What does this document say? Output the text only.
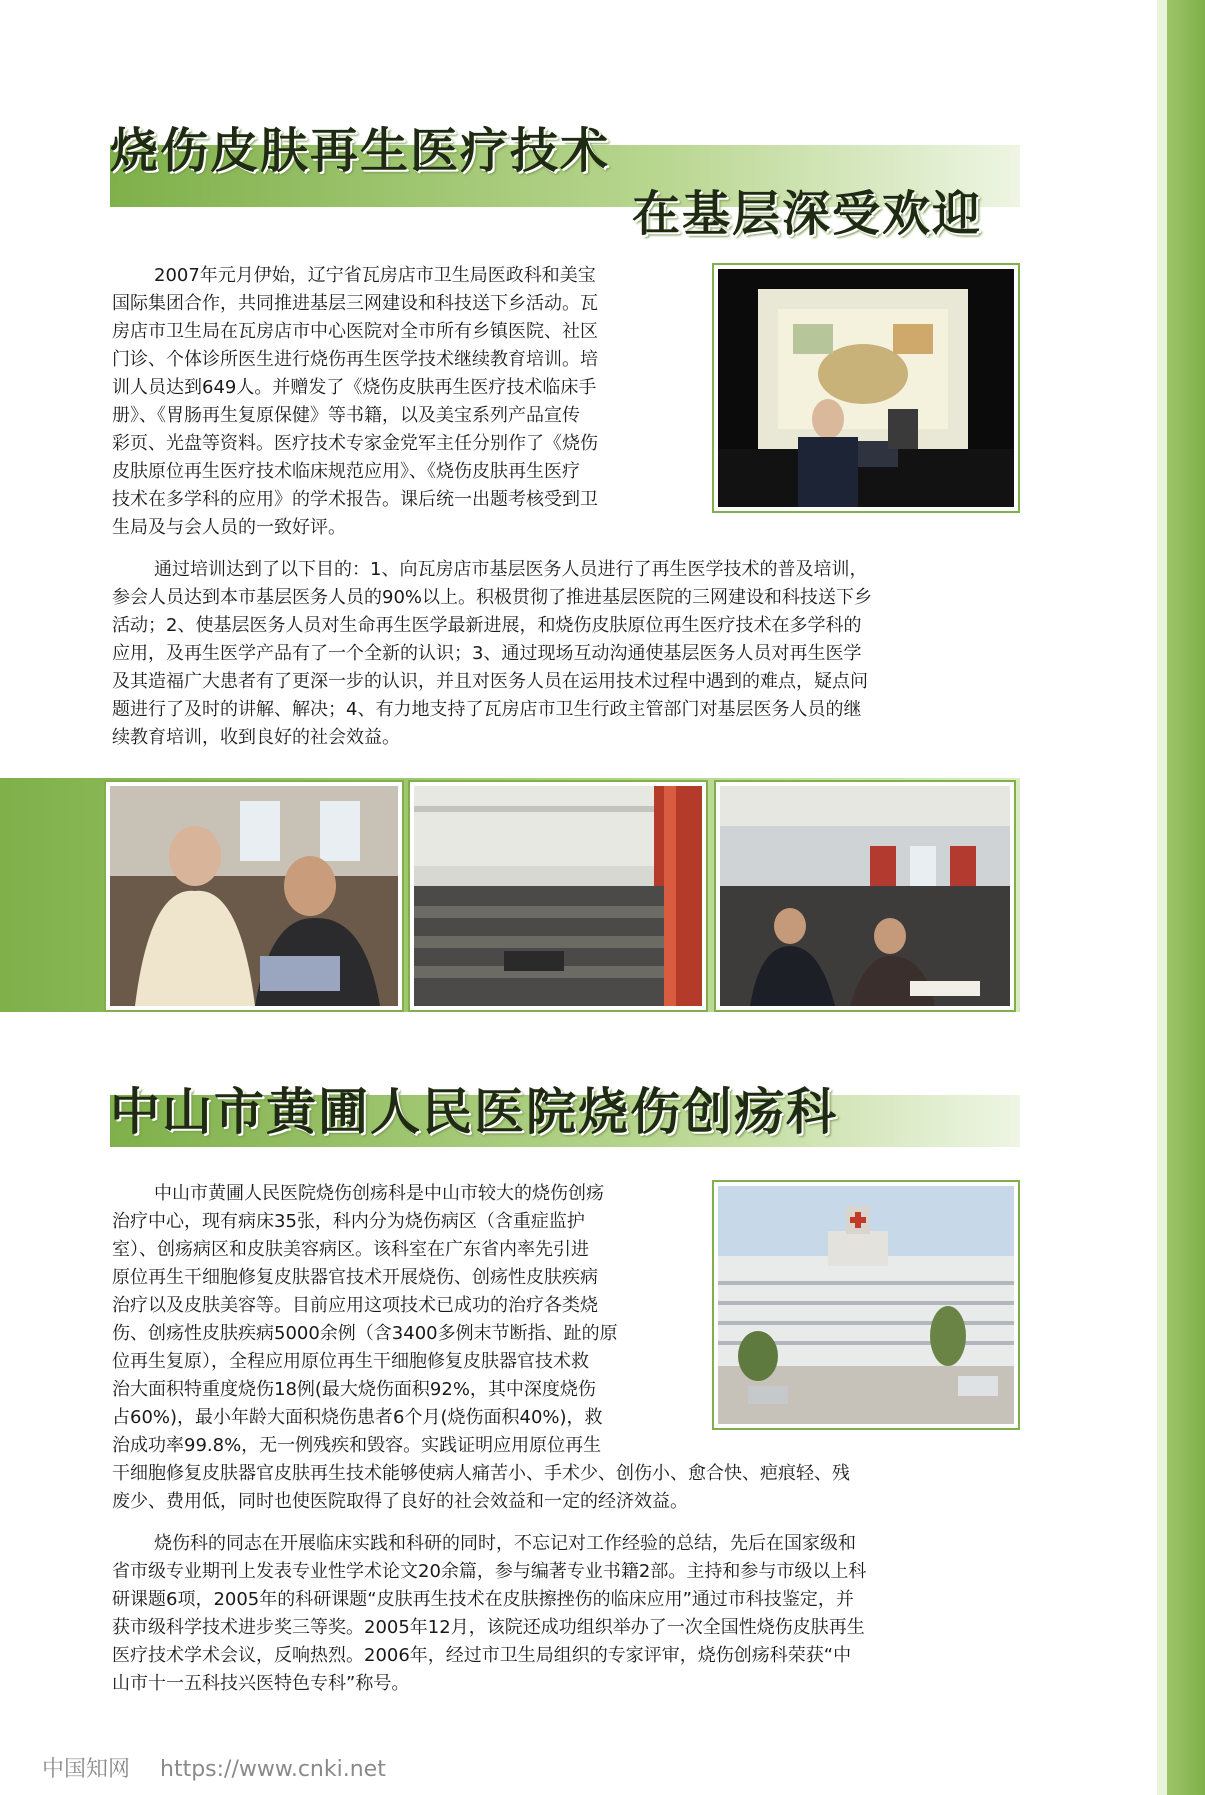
烧伤皮肤再生医疗技术
在基层深受欢迎
2007年元月伊始，辽宁省瓦房店市卫生局医政科和美宝
国际集团合作，共同推进基层三网建设和科技送下乡活动。瓦
房店市卫生局在瓦房店市中心医院对全市所有乡镇医院、社区
门诊、个体诊所医生进行烧伤再生医学技术继续教育培训。培
训人员达到649人。并赠发了《烧伤皮肤再生医疗技术临床手
册》、《胃肠再生复原保健》等书籍，以及美宝系列产品宣传
彩页、光盘等资料。医疗技术专家金党军主任分别作了《烧伤
皮肤原位再生医疗技术临床规范应用》、《烧伤皮肤再生医疗
技术在多学科的应用》的学术报告。课后统一出题考核受到卫
生局及与会人员的一致好评。
通过培训达到了以下目的：1、向瓦房店市基层医务人员进行了再生医学技术的普及培训，
参会人员达到本市基层医务人员的90%以上。积极贯彻了推进基层医院的三网建设和科技送下乡
活动；2、使基层医务人员对生命再生医学最新进展，和烧伤皮肤原位再生医疗技术在多学科的
应用，及再生医学产品有了一个全新的认识；3、通过现场互动沟通使基层医务人员对再生医学
及其造福广大患者有了更深一步的认识，并且对医务人员在运用技术过程中遇到的难点，疑点问
题进行了及时的讲解、解决；4、有力地支持了瓦房店市卫生行政主管部门对基层医务人员的继
续教育培训，收到良好的社会效益。
中山市黄圃人民医院烧伤创疡科
中山市黄圃人民医院烧伤创疡科是中山市较大的烧伤创疡
治疗中心，现有病床35张，科内分为烧伤病区（含重症监护
室）、创疡病区和皮肤美容病区。该科室在广东省内率先引进
原位再生干细胞修复皮肤器官技术开展烧伤、创疡性皮肤疾病
治疗以及皮肤美容等。目前应用这项技术已成功的治疗各类烧
伤、创疡性皮肤疾病5000余例（含3400多例末节断指、趾的原
位再生复原），全程应用原位再生干细胞修复皮肤器官技术救
治大面积特重度烧伤18例(最大烧伤面积92%，其中深度烧伤
占60%)，最小年龄大面积烧伤患者6个月(烧伤面积40%)，救
治成功率99.8%，无一例残疾和毁容。实践证明应用原位再生
干细胞修复皮肤器官皮肤再生技术能够使病人痛苦小、手术少、创伤小、愈合快、疤痕轻、残
废少、费用低，同时也使医院取得了良好的社会效益和一定的经济效益。
烧伤科的同志在开展临床实践和科研的同时，不忘记对工作经验的总结，先后在国家级和
省市级专业期刊上发表专业性学术论文20余篇，参与编著专业书籍2部。主持和参与市级以上科
研课题6项，2005年的科研课题“皮肤再生技术在皮肤擦挫伤的临床应用”通过市科技鉴定，并
获市级科学技术进步奖三等奖。2005年12月，该院还成功组织举办了一次全国性烧伤皮肤再生
医疗技术学术会议，反响热烈。2006年，经过市卫生局组织的专家评审，烧伤创疡科荣获“中
山市十一五科技兴医特色专科”称号。
中国知网 https://www.cnki.net
